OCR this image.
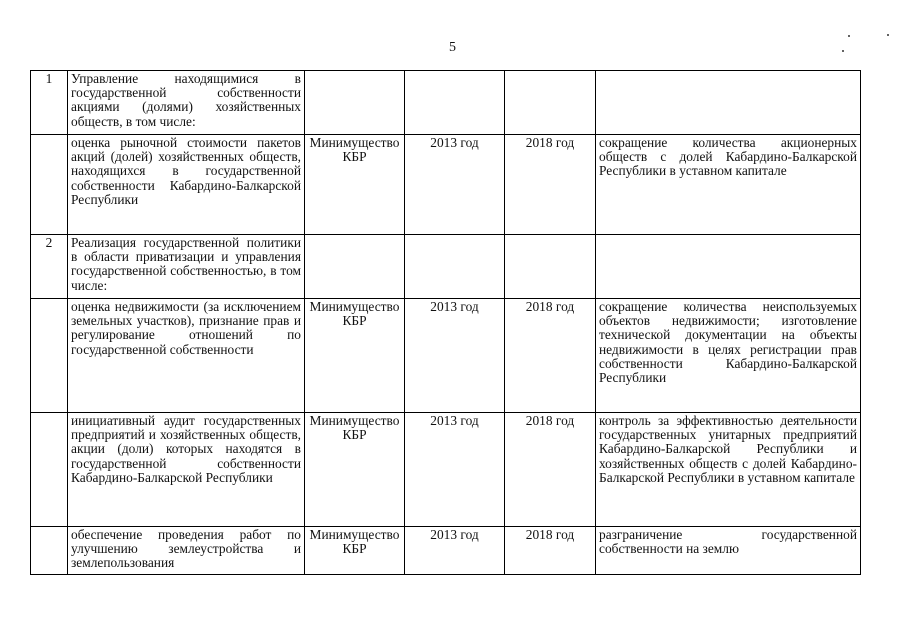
5
1	Управление находящимися в государственной собственности акциями (долями) хозяйственных обществ, в том числе:				
	оценка рыночной стоимости пакетов акций (долей) хозяйственных обществ, находящихся в государственной собственности Кабардино-Балкарской Республики	Минимущество КБР	2013 год	2018 год	сокращение количества акционерных обществ с долей Кабардино-Балкарской Республики в уставном капитале
2	Реализация государственной политики в области приватизации и управления государственной собственностью, в том числе:				
	оценка недвижимости (за исключением земельных участков), признание прав и регулирование отношений по государственной собственности	Минимущество КБР	2013 год	2018 год	сокращение количества неиспользуемых объектов недвижимости; изготовление технической документации на объекты недвижимости в целях регистрации прав собственности Кабардино-Балкарской Республики
	инициативный аудит государственных предприятий и хозяйственных обществ, акции (доли) которых находятся в государственной собственности Кабардино-Балкарской Республики	Минимущество КБР	2013 год	2018 год	контроль за эффективностью деятельности государственных унитарных предприятий Кабардино-Балкарской Республики и хозяйственных обществ с долей Кабардино-Балкарской Республики в уставном капитале
	обеспечение проведения работ по улучшению землеустройства и землепользования	Минимущество КБР	2013 год	2018 год	разграничение государственной собственности на землю
